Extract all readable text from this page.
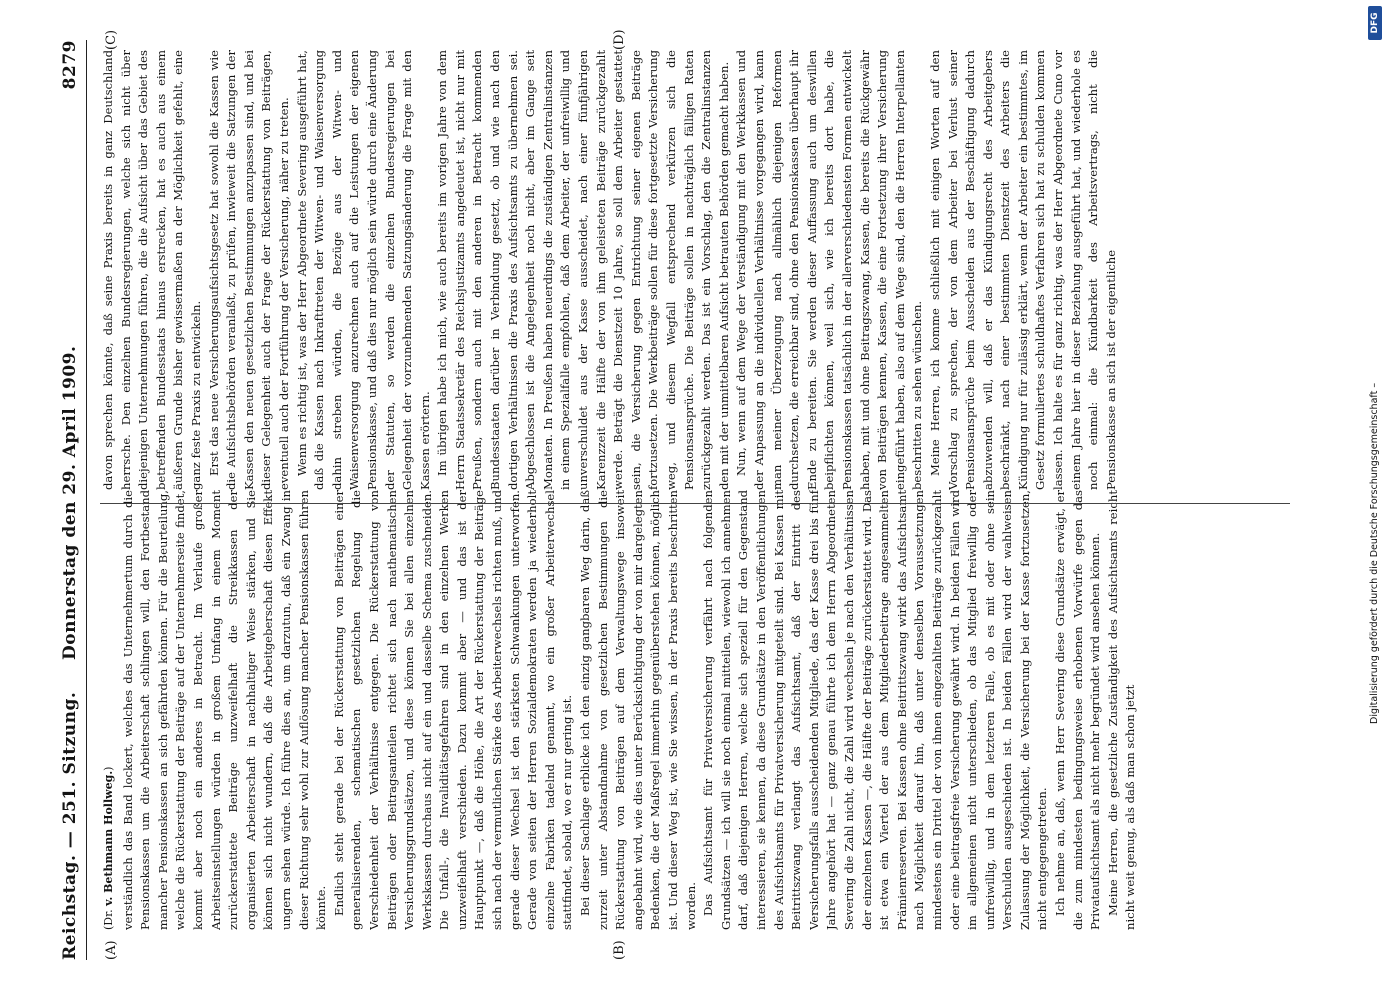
Reichstag. — 251. Sitzung.
Donnerstag den 29. April 1909.
8279
(A)	(B)
(C)	(D)
(Dr. v. Bethmann Hollweg.) verständlich das Band lockert, welches das Unternehmertum durch die Pensionskassen um die Arbeiterschaft schlingen will, den Fortbestand mancher Pensionskassen an sich gefährden können. Für die Beurteilung, welche die Rückerstattung der Beiträge auf der Unternehmerseite findet, kommt aber noch ein anderes in Betracht. Im Verlaufe großer Arbeitseinstellungen würden in großem Umfang in einem Moment zurückerstattete Beiträge unzweifelhaft die Streikkassen der organisierten Arbeiterschaft in nachhaltiger Weise stärken, und Sie können sich nicht wundern, daß die Arbeitgeberschaft diesen Effekt ungern sehen würde. Ich führe dies an, um darzutun, daß ein Zwang in dieser Richtung sehr wohl zur Auflösung mancher Pensionskassen führen könnte. Endlich steht gerade bei der Rückerstattung von Beiträgen einer generalisierenden, schematischen gesetzlichen Regelung die Verschiedenheit der Verhältnisse entgegen. Die Rückerstattung von Beiträgen oder Beitragsanteilen richtet sich nach mathematischen Versicherungsgrundsätzen, und diese können Sie bei allen einzelnen Werkskassen durchaus nicht auf ein und dasselbe Schema zuschneiden. Die Unfall-, die Invaliditätsgefahren sind in den einzelnen Werken unzweifelhaft verschieden. Dazu kommt aber — und das ist der Hauptpunkt —, daß die Höhe, die Art der Rückerstattung der Beiträge sich nach der vermutlichen Stärke des Arbeiterwechsels richten muß, und gerade dieser Wechsel ist den stärksten Schwankungen unterworfen. Gerade von seiten der Herren Sozialdemokraten werden ja wiederholt einzelne Fabriken tadelnd genannt, wo ein großer Arbeiterwechsel stattfindet, sobald, wo er nur gering ist. Bei dieser Sachlage erblicke ich den einzig gangbaren Weg darin, daß zurzeit unter Abstandnahme von gesetzlichen Bestimmungen die Rückerstattung von Beiträgen auf dem Verwaltungswege insoweit angebahnt wird, wie dies unter Berücksichtigung der von mir dargelegten Bedenken, die der Maßregel immerhin gegenüberstehen können, möglich ist. Und dieser Weg ist, wie Sie wissen, in der Praxis bereits beschritten worden. Das Aufsichtsamt für Privatversicherung verfährt nach folgenden Grundsätzen — ich will sie noch einmal mitteilen, wiewohl ich annehmen darf, daß diejenigen Herren, welche sich speziell für den Gegenstand interessieren, sie kennen, da diese Grundsätze in den Veröffentlichungen des Aufsichtsamts für Privatversicherung mitgeteilt sind. Bei Kassen mit Beitrittszwang verlangt das Aufsichtsamt, daß der Eintritt des Versicherungsfalls ausscheidenden Mitgliede, das der Kasse drei bis fünf Jahre angehört hat — ganz genau führte ich dem Herrn Abgeordneten Severing die Zahl nicht, die Zahl wird wechseln je nach den Verhältnissen der einzelnen Kassen —, die Hälfte der Beiträge zurückerstattet wird. Das ist etwa ein Viertel der aus dem Mitgliederbeitrage angesammelten Prämienreserven. Bei Kassen ohne Beitrittszwang wirkt das Aufsichtsamt nach Möglichkeit darauf hin, daß unter denselben Voraussetzungen mindestens ein Drittel der von ihnen eingezahlten Beiträge zurückgezahlt oder eine beitragsfreie Versicherung gewährt wird. In beiden Fällen wird im allgemeinen nicht unterschieden, ob das Mitglied freiwillig oder unfreiwillig, und in dem letzteren Falle, ob es mit oder ohne sein Verschulden ausgeschieden ist. In beiden Fällen wird der wahlweisen Zulassung der Möglichkeit, die Versicherung bei der Kasse fortzusetzen, nicht entgegengetreten. Ich nehme an, daß, wenn Herr Severing diese Grundsätze erwägt, er die zum mindesten bedingungsweise erhobenen Vorwürfe gegen das Privataufsichtsamt als nicht mehr begründet wird ansehen können. Meine Herren, die gesetzliche Zuständigkeit des Aufsichtsamts reicht nicht weit genug, als daß man schon jetzt

davon sprechen könnte, daß seine Praxis bereits in ganz Deutschland herrsche. Den einzelnen Bundesregierungen, welche sich nicht über diejenigen Unternehmungen führen, die die Aufsicht über das Gebiet des betreffenden Bundesstaats hinaus erstrecken, hat es auch aus einem äußeren Grunde bisher gewissermaßen an der Möglichkeit gefehlt, eine ganz feste Praxis zu entwickeln. Erst das neue Versicherungsaufsichtsgesetz hat sowohl die Kassen wie die Aufsichtsbehörden veranlaßt, zu prüfen, inwieweit die Satzungen der Kassen den neuen gesetzlichen Bestimmungen anzupassen sind, und bei dieser Gelegenheit auch der Frage der Rückerstattung von Beiträgen, eventuell auch der Fortführung der Versicherung, näher zu treten. Wenn es richtig ist, was der Herr Abgeordnete Severing ausgeführt hat, daß die Kassen nach Inkrafttreten der Witwen- und Waisenversorgung dahin streben würden, die Bezüge aus der Witwen- und Waisenversorgung anzurechnen auch auf die Leistungen der eigenen Pensionskasse, und daß dies nur möglich sein würde durch eine Änderung der Statuten, so werden die einzelnen Bundesregierungen bei Gelegenheit der vorzunehmenden Satzungsänderung die Frage mit den Kassen erörtern. Im übrigen habe ich mich, wie auch bereits im vorigen Jahre von dem Herrn Staatssekretär des Reichsjustizamts angedeutet ist, nicht nur mit Preußen, sondern auch mit den anderen in Betracht kommenden Bundesstaaten darüber in Verbindung gesetzt, ob und wie nach den dortigen Verhältnissen die Praxis des Aufsichtsamts zu übernehmen sei. Abgeschlossen ist die Angelegenheit noch nicht, aber im Gange seit Monaten. In Preußen haben neuerdings die zuständigen Zentralinstanzen in einem Spezialfalle empfohlen, daß dem Arbeiter, der unfreiwillig und unverschuldet aus der Kasse ausscheidet, nach einer fünfjährigen Karenzzeit die Hälfte der von ihm geleisteten Beiträge zurückgezahlt werde. Beträgt die Dienstzeit 10 Jahre, so soll dem Arbeiter gestattet sein, die Versicherung gegen Entrichtung seiner eigenen Beiträge fortzusetzen. Die Werkbeiträge sollen für diese fortgesetzte Versicherung weg, und diesem Wegfall entsprechend verkürzen sich die Pensionsansprüche. Die Beiträge sollen in nachträglich fälligen Raten zurückgezahlt werden. Das ist ein Vorschlag, den die Zentralinstanzen den mit der unmittelbaren Aufsicht betrauten Behörden gemacht haben. Nun, wenn auf dem Wege der Verständigung mit den Werkkassen und der Anpassung an die individuellen Verhältnisse vorgegangen wird, kann man meiner Überzeugung nach allmählich diejenigen Reformen durchsetzen, die erreichbar sind, ohne den Pensionskassen überhaupt ihr Ende zu bereiten. Sie werden dieser Auffassung auch um deswillen beipflichten können, weil sich, wie ich bereits dort habe, die Pensionskassen tatsächlich in der allerverschiedensten Formen entwickelt haben, mit und ohne Beitragszwang, Kassen, die bereits die Rückgewähr von Beiträgen kennen, Kassen, die eine Fortsetzung ihrer Versicherung eingeführt haben, also auf dem Wege sind, den die Herren Interpellanten beschritten zu sehen wünschen. Meine Herren, ich komme schließlich mit einigen Worten auf den Vorschlag zu sprechen, der von dem Arbeiter bei Verlust seiner Pensionsansprüche beim Ausscheiden aus der Beschäftigung dadurch abzuwenden will, daß er das Kündigungsrecht des Arbeitgebers beschränkt, nach einer bestimmten Dienstzeit des Arbeiters die Kündigung nur für zulässig erklärt, wenn der Arbeiter ein bestimmtes, im Gesetz formuliertes schuldhaftes Verfahren sich hat zu schulden kommen lassen. Ich halte es für ganz richtig, was der Herr Abgeordnete Cuno vor einem Jahre hier in dieser Beziehung ausgeführt hat, und wiederhole es noch einmal: die Kündbarkeit des Arbeitsvertrags, nicht die Pensionskasse an sich ist der eigentliche

DFG
Digitalisierung gefördert durch die Deutsche Forschungsgemeinschaft –
